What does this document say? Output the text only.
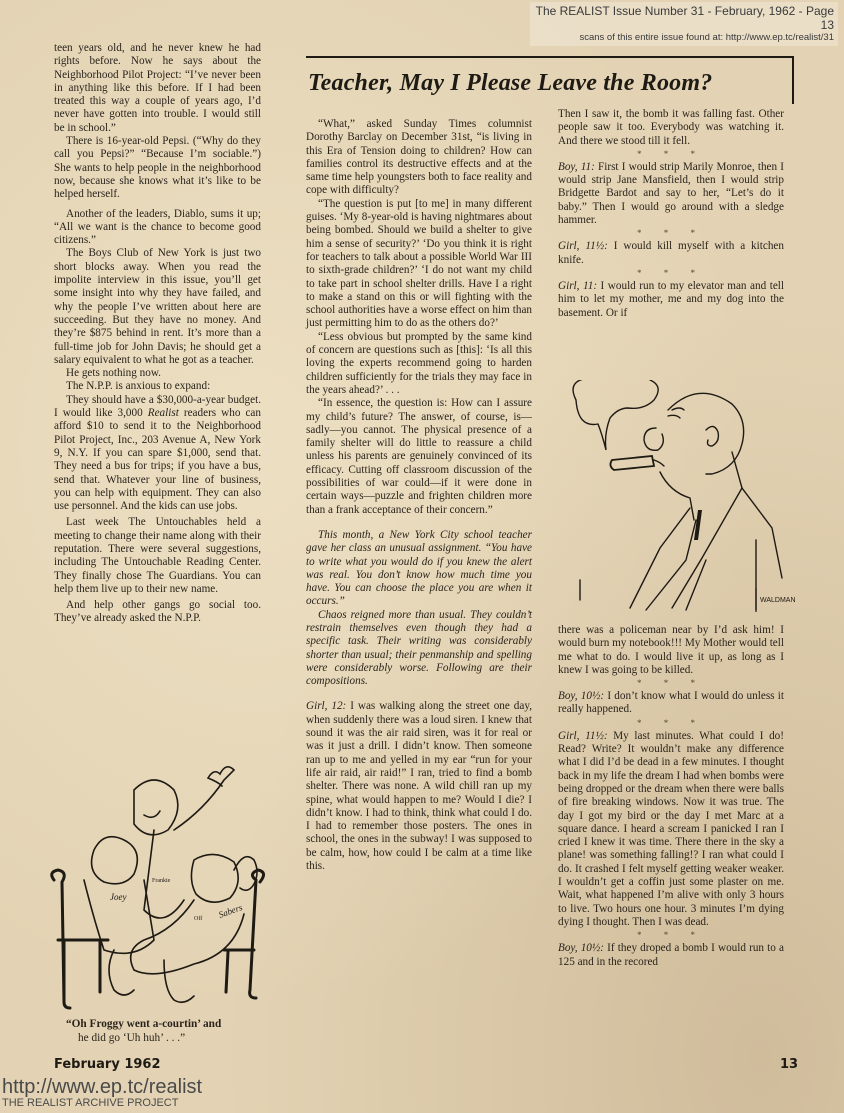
The REALIST Issue Number 31 - February, 1962 - Page 13
scans of this entire issue found at: http://www.ep.tc/realist/31

teen years old, and he never knew he had rights before. Now he says about the Neighborhood Pilot Project: “I’ve never been in anything like this before. If I had been treated this way a couple of years ago, I’d never have gotten into trouble. I would still be in school.”

There is 16-year-old Pepsi. (“Why do they call you Pepsi?” “Because I’m sociable.”) She wants to help people in the neighborhood now, because she knows what it’s like to be helped herself.

Another of the leaders, Diablo, sums it up; “All we want is the chance to become good citizens.”

The Boys Club of New York is just two short blocks away. When you read the impolite interview in this issue, you’ll get some insight into why they have failed, and why the people I’ve written about here are succeeding. But they have no money. And they’re $875 behind in rent. It’s more than a full-time job for John Davis; he should get a salary equivalent to what he got as a teacher.

He gets nothing now.

The N.P.P. is anxious to expand:

They should have a $30,000-a-year budget. I would like 3,000 Realist readers who can afford $10 to send it to the Neighborhood Pilot Project, Inc., 203 Avenue A, New York 9, N.Y. If you can spare $1,000, send that. They need a bus for trips; if you have a bus, send that. Whatever your line of business, you can help with equipment. They can also use personnel. And the kids can use jobs.

Last week The Untouchables held a meeting to change their name along with their reputation. There were several suggestions, including The Untouchable Reading Center. They finally chose The Guardians. You can help them live up to their new name.

And help other gangs go social too. They’ve already asked the N.P.P.

Joey
Frankie
Sabers
Off
“Oh Froggy went a-courtin’ and
he did go ‘Uh huh’ . . .”
Teacher, May I Please Leave the Room?

“What,” asked Sunday Times columnist Dorothy Barclay on December 31st, “is living in this Era of Tension doing to children? How can families control its destructive effects and at the same time help youngsters both to face reality and cope with difficulty?

“The question is put [to me] in many different guises. ‘My 8-year-old is having nightmares about being bombed. Should we build a shelter to give him a sense of security?’ ‘Do you think it is right for teachers to talk about a possible World War III to sixth-grade children?’ ‘I do not want my child to take part in school shelter drills. Have I a right to make a stand on this or will fighting with the school authorities have a worse effect on him than just permitting him to do as the others do?’

“Less obvious but prompted by the same kind of concern are questions such as [this]: ‘Is all this loving the experts recommend going to harden children sufficiently for the trials they may face in the years ahead?’ . . .

“In essence, the question is: How can I assure my child’s future? The answer, of course, is—sadly—you cannot. The physical presence of a family shelter will do little to reassure a child unless his parents are genuinely convinced of its efficacy. Cutting off classroom discussion of the possibilities of war could—if it were done in certain ways—puzzle and frighten children more than a frank acceptance of their concern.”

This month, a New York City school teacher gave her class an unusual assignment. “You have to write what you would do if you knew the alert was real. You don’t know how much time you have. You can choose the place you are when it occurs.”

Chaos reigned more than usual. They couldn’t restrain themselves even though they had a specific task. Their writing was considerably shorter than usual; their penmanship and spelling were considerably worse. Following are their compositions.

Girl, 12: I was walking along the street one day, when suddenly there was a loud siren. I knew that sound it was the air raid siren, was it for real or was it just a drill. I didn’t know. Then someone ran up to me and yelled in my ear “run for your life air raid, air raid!” I ran, tried to find a bomb shelter. There was none. A wild chill ran up my spine, what would happen to me? Would I die? I didn’t know. I had to think, think what could I do. I had to remember those posters. The ones in school, the ones in the subway! I was supposed to be calm, how, how could I be calm at a time like this.

Then I saw it, the bomb it was falling fast. Other people saw it too. Everybody was watching it. And there we stood till it fell.

* * *

Boy, 11: First I would strip Marily Monroe, then I would strip Jane Mansfield, then I would strip Bridgette Bardot and say to her, “Let’s do it baby.” Then I would go around with a sledge hammer.

* * *

Girl, 11½: I would kill myself with a kitchen knife.

* * *

Girl, 11: I would run to my elevator man and tell him to let my mother, me and my dog into the basement. Or if

WALDMAN

there was a policeman near by I’d ask him! I would burn my notebook!!! My Mother would tell me what to do. I would live it up, as long as I knew I was going to be killed.

* * *

Boy, 10½: I don’t know what I would do unless it really happened.

* * *

Girl, 11½: My last minutes. What could I do! Read? Write? It wouldn’t make any difference what I did I’d be dead in a few minutes. I thought back in my life the dream I had when bombs were being dropped or the dream when there were balls of fire breaking windows. Now it was true. The day I got my bird or the day I met Marc at a square dance. I heard a scream I panicked I ran I cried I knew it was time. There there in the sky a plane! was something falling!? I ran what could I do. It crashed I felt myself getting weaker weaker. I wouldn’t get a coffin just some plaster on me. Wait, what happened I’m alive with only 3 hours to live. Two hours one hour. 3 minutes I’m dying dying I thought. Then I was dead.

* * *

Boy, 10½: If they droped a bomb I would run to a 125 and in the recored

February 1962	13
http://www.ep.tc/realist
THE REALIST ARCHIVE PROJECT
